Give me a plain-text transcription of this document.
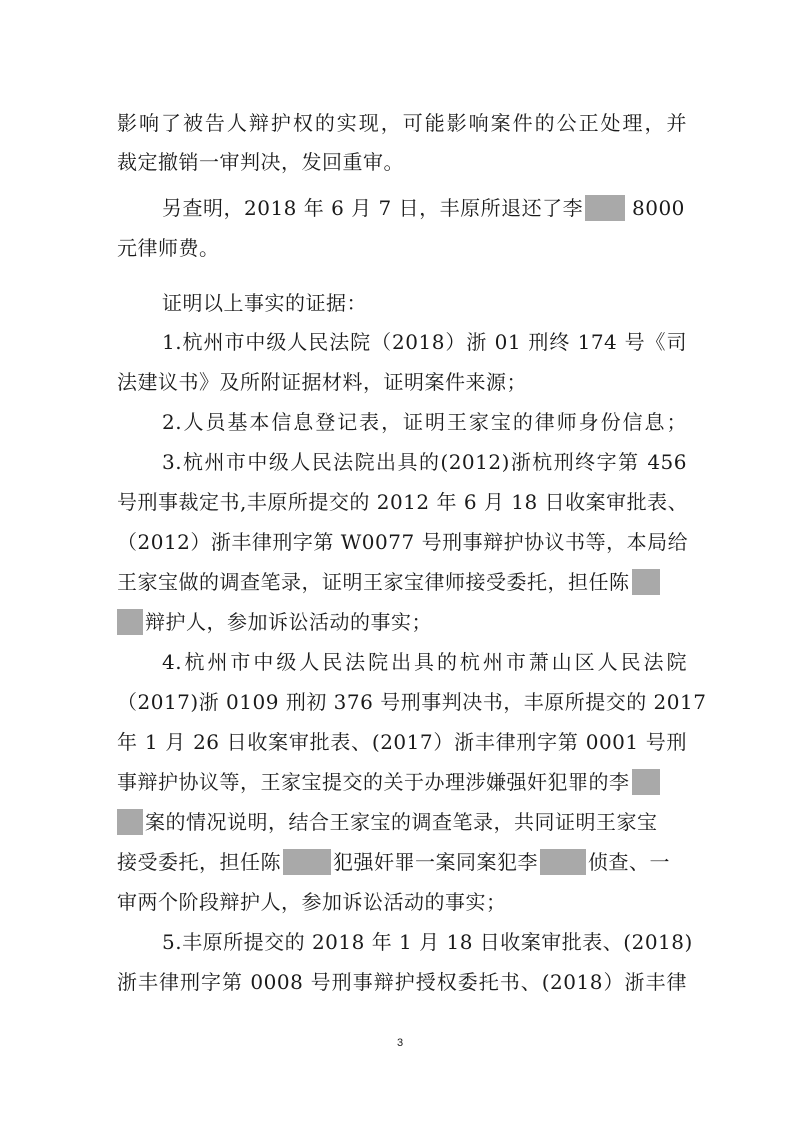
影响了被告人辩护权的实现，可能影响案件的公正处理，并
裁定撤销一审判决，发回重审。
另查明，2018 年 6 月 7 日，丰原所退还了李 8000
元律师费。
证明以上事实的证据：
1.杭州市中级人民法院（2018）浙 01 刑终 174 号《司
法建议书》及所附证据材料，证明案件来源；
2.人员基本信息登记表，证明王家宝的律师身份信息；
3.杭州市中级人民法院出具的(2012)浙杭刑终字第 456
号刑事裁定书,丰原所提交的 2012 年 6 月 18 日收案审批表、
（2012）浙丰律刑字第 W0077 号刑事辩护协议书等，本局给
王家宝做的调查笔录，证明王家宝律师接受委托，担任陈
辩护人，参加诉讼活动的事实；
4.杭州市中级人民法院出具的杭州市萧山区人民法院
（2017)浙 0109 刑初 376 号刑事判决书，丰原所提交的 2017
年 1 月 26 日收案审批表、(2017）浙丰律刑字第 0001 号刑
事辩护协议等，王家宝提交的关于办理涉嫌强奸犯罪的李
案的情况说明，结合王家宝的调查笔录，共同证明王家宝
接受委托，担任陈	犯强奸罪一案同案犯李	侦查、一
审两个阶段辩护人，参加诉讼活动的事实；
5.丰原所提交的 2018 年 1 月 18 日收案审批表、(2018)
浙丰律刑字第 0008 号刑事辩护授权委托书、(2018）浙丰律
3
